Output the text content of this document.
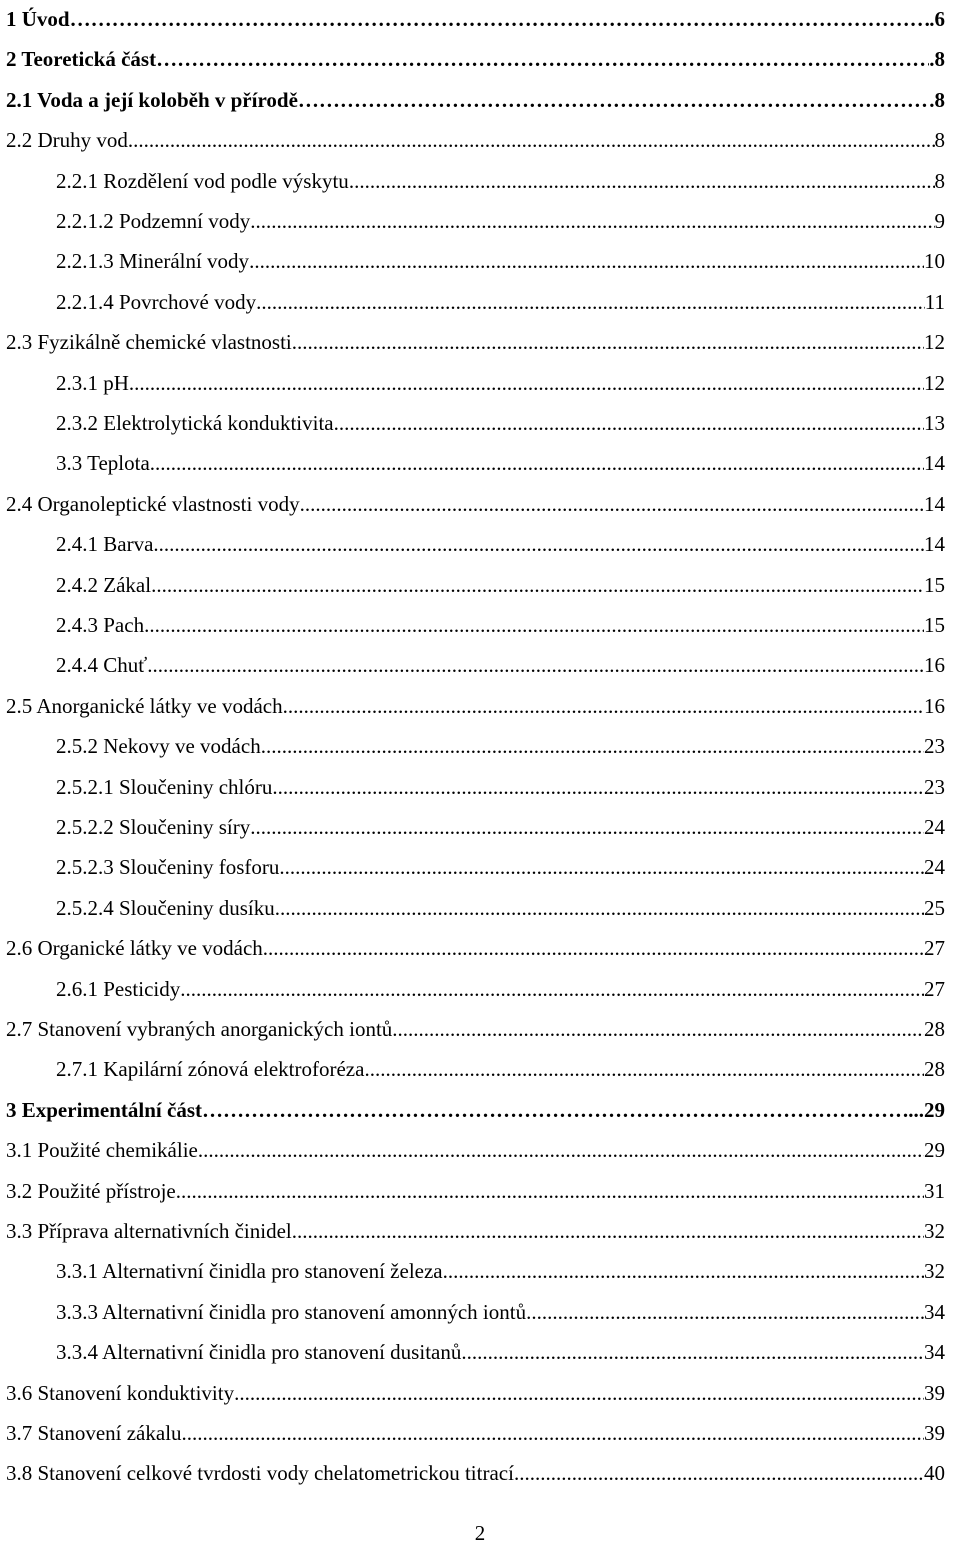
1 Úvod ………………………………………………………………………………………………………………………………………………………………	.6
2 Teoretická část ………………………………………………………………………………………………………………………………………………………………	.8
2.1 Voda a její koloběh v přírodě ………………………………………………………………………………………………………………………………………………………………	.8
2.2 Druhy vod .....	8
2.2.1 Rozdělení vod podle výskytu .....	8
2.2.1.2 Podzemní vody .....	9
2.2.1.3 Minerální vody .....	10
2.2.1.4 Povrchové vody .....	11
2.3 Fyzikálně chemické vlastnosti .....	12
2.3.1 pH .....	12
2.3.2 Elektrolytická konduktivita .....	13
3.3 Teplota .....	14
2.4 Organoleptické vlastnosti vody .....	14
2.4.1 Barva .....	14
2.4.2 Zákal .....	15
2.4.3 Pach .....	15
2.4.4 Chuť .....	16
2.5 Anorganické látky ve vodách .....	16
2.5.2 Nekovy ve vodách .....	23
2.5.2.1 Sloučeniny chlóru .....	23
2.5.2.2 Sloučeniny síry .....	24
2.5.2.3 Sloučeniny fosforu .....	24
2.5.2.4 Sloučeniny dusíku .....	25
2.6 Organické látky ve vodách .....	27
2.6.1 Pesticidy .....	27
2.7 Stanovení vybraných anorganických iontů .....	28
2.7.1 Kapilární zónová elektroforéza .....	28
3 Experimentální část ………………………………………………………………………………………………………………………………………………………………	...29
3.1 Použité chemikálie .....	29
3.2 Použité přístroje .....	31
3.3 Příprava alternativních činidel .....	32
3.3.1 Alternativní činidla pro stanovení železa .....	32
3.3.3 Alternativní činidla pro stanovení amonných iontů .....	34
3.3.4 Alternativní činidla pro stanovení dusitanů .....	34
3.6 Stanovení konduktivity .....	39
3.7 Stanovení zákalu .....	39
3.8 Stanovení celkové tvrdosti vody chelatometrickou titrací .....	40
2
